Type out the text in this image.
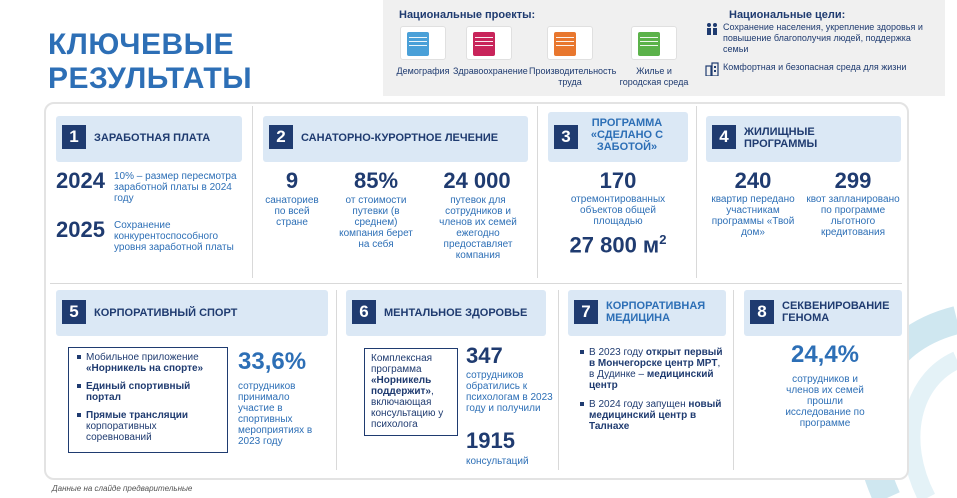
КЛЮЧЕВЫЕ
РЕЗУЛЬТАТЫ
Национальные проекты:	Национальные цели:
Демография Здравоохранение Производительность труда
Жилье и городская среда
Сохранение населения, укрепление здоровья и повышение благополучия людей, поддержка семьи
Комфортная и безопасная среда для жизни
1	ЗАРАБОТНАЯ ПЛАТА
2024 10% – размер пересмотра заработной платы в 2024 году
2025 Сохранение конкурентоспособного уровня заработной платы
2	САНАТОРНО-КУРОРТНОЕ ЛЕЧЕНИЕ
9
санаториев по всей стране
85%
от стоимости путевки (в среднем) компания берет на себя
24 000
путевок для сотрудников и членов их семей ежегодно предоставляет компания
3
ПРОГРАММА «СДЕЛАНО С ЗАБОТОЙ»
170
отремонтированных объектов общей площадью
27 800 $м^2$
4	ЖИЛИЩНЫЕ ПРОГРАММЫ
240
квартир передано участникам программы «Твой дом»
299
квот запланировано по программе льготного кредитования
5	КОРПОРАТИВНЫЙ СПОРТ
Мобильное приложение «Норникель на спорте»
Единый спортивный портал
Прямые трансляции корпоративных соревнований
33,6%
сотрудников принимало участие в спортивных мероприятиях в 2023 году
6	МЕНТАЛЬНОЕ ЗДОРОВЬЕ
Комплексная программа «Норникель поддержит», включающая консультацию у психолога
347
сотрудников обратились к психологам в 2023 году и получили
1915
консультаций
7	КОРПОРАТИВНАЯ МЕДИЦИНА
В 2023 году открыт первый в Мончегорске центр МРТ, в Дудинке – медицинский центр
В 2024 году запущен новый медицинский центр в Талнахе
8	СЕКВЕНИРОВАНИЕ ГЕНОМА
24,4%
сотрудников и членов их семей прошли исследование по программе
Данные на слайде предварительные
